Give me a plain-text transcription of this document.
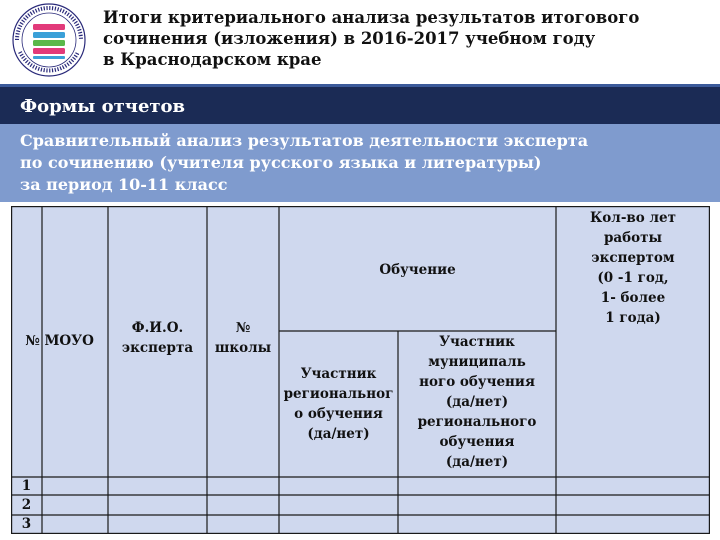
Итоги критериального анализа результатов итогового
сочинения (изложения) в 2016-2017 учебном году
в Краснодарском крае
Формы отчетов
Сравнительный анализ результатов деятельности эксперта
по сочинению (учителя русского языка и литературы)
за период 10-11 класс
№ МОУО
Ф.И.О.
эксперта
№
школы
Обучение
Участник
региональног
о обучения
(да/нет)
Участник
муниципаль
ного обучения
(да/нет)
регионального
обучения
(да/нет)
Кол-во лет
работы
экспертом
(0 -1 год,
1- более
1 года)
1
2
3
